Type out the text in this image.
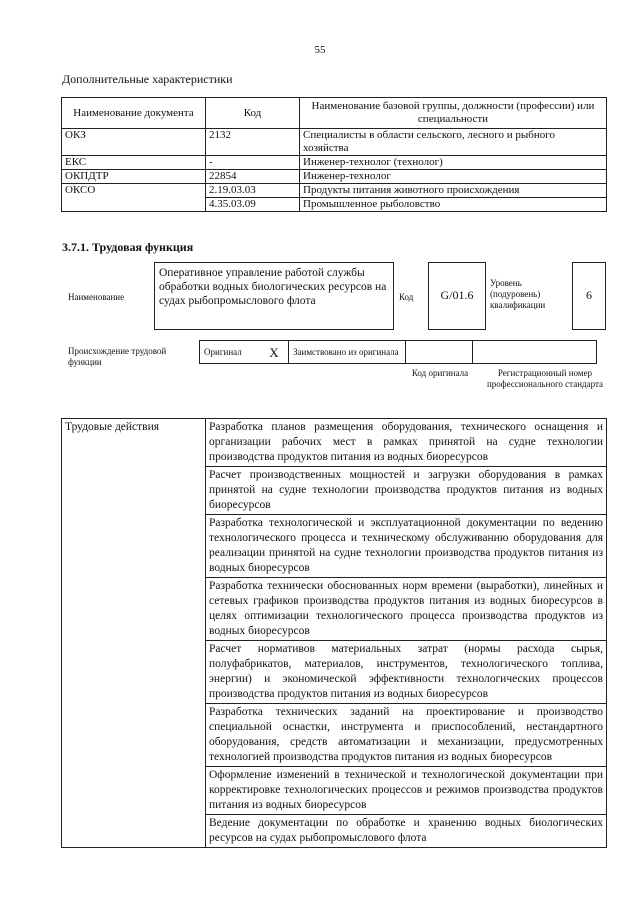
55
Дополнительные характеристики
Наименование документа	Код	Наименование базовой группы, должности (профессии) или специальности
ОКЗ	2132	Специалисты в области сельского, лесного и рыбного хозяйства
ЕКС	-	Инженер-технолог (технолог)
ОКПДТР	22854	Инженер-технолог
ОКСО	2.19.03.03	Продукты питания животного происхождения
	4.35.03.09	Промышленное рыболовство
3.7.1. Трудовая функция
Наименование
Оперативное управление работой службы обработки водных биологических ресурсов на судах рыбопромыслового флота	Код	G/01.6
Уровень (подуровень) квалификации
6
Происхождение трудовой функции
Оригинал	X	Заимствовано из оригинала		
Код оригинала	Регистрационный номер профессионального стандарта
Трудовые действия	Разработка планов размещения оборудования, технического оснащения и организации рабочих мест в рамках принятой на судне технологии производства продуктов питания из водных биоресурсов
Расчет производственных мощностей и загрузки оборудования в рамках принятой на судне технологии производства продуктов питания из водных биоресурсов
Разработка технологической и эксплуатационной документации по ведению технологического процесса и техническому обслуживанию оборудования для реализации принятой на судне технологии производства продуктов питания из водных биоресурсов
Разработка технически обоснованных норм времени (выработки), линейных и сетевых графиков производства продуктов питания из водных биоресурсов в целях оптимизации технологического процесса производства продуктов из водных биоресурсов
Расчет нормативов материальных затрат (нормы расхода сырья, полуфабрикатов, материалов, инструментов, технологического топлива, энергии) и экономической эффективности технологических процессов производства продуктов питания из водных биоресурсов
Разработка технических заданий на проектирование и производство специальной оснастки, инструмента и приспособлений, нестандартного оборудования, средств автоматизации и механизации, предусмотренных технологией производства продуктов питания из водных биоресурсов
Оформление изменений в технической и технологической документации при корректировке технологических процессов и режимов производства продуктов питания из водных биоресурсов
Ведение документации по обработке и хранению водных биологических ресурсов на судах рыбопромыслового флота
